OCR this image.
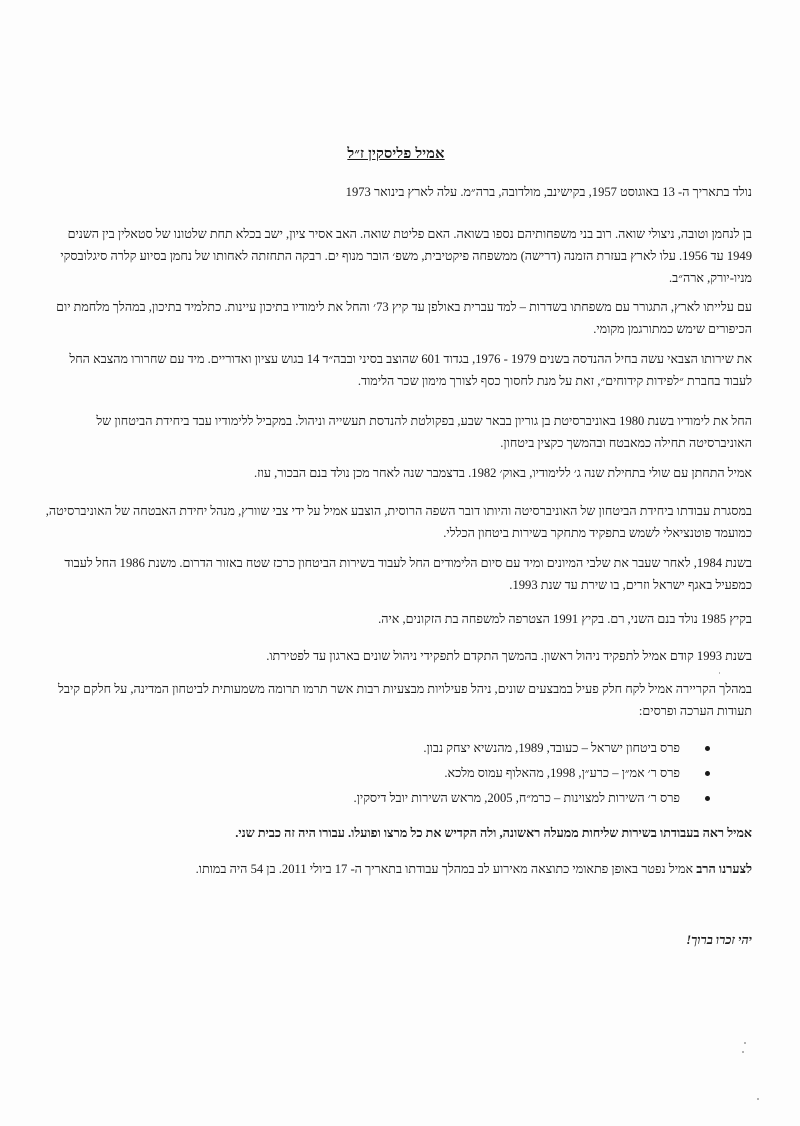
אמיל פליסקין ז״ל

נולד בתאריך ה- 13 באוגוסט 1957, בקישינב, מולדובה, ברה״מ. עלה לארץ בינואר 1973

בן לנחמן וטובה, ניצולי שואה. רוב בני משפחותיהם נספו בשואה. האם פליטת שואה. האב אסיר ציון, ישב בכלא תחת שלטונו של סטאלין בין השנים 1949 עד 1956. עלו לארץ בעזרת הזמנה (דרישה) ממשפחה פיקטיבית, משפ׳ הובר מנוף ים. רבקה התחזתה לאחותו של נחמן בסיוע קלרה סיגלובסקי מניו-יורק, ארה״ב.

עם עלייתו לארץ, התגורר עם משפחתו בשדרות – למד עברית באולפן עד קיץ 73׳ והחל את לימודיו בתיכון עיינות. כתלמיד בתיכון, במהלך מלחמת יום הכיפורים שימש כמתורגמן מקומי.

את שירותו הצבאי עשה בחיל ההנדסה בשנים 1979 - 1976, בגדוד 601 שהוצב בסיני ובבה״ד 14 בגוש עציון ואדוריים. מיד עם שחרורו מהצבא החל לעבוד בחברת ״לפידות קידוחים״, זאת על מנת לחסוך כסף לצורך מימון שכר הלימוד.

החל את לימודיו בשנת 1980 באוניברסיטת בן גוריון בבאר שבע, בפקולטת להנדסת תעשייה וניהול. במקביל ללימודיו עבד ביחידת הביטחון של האוניברסיטה תחילה כמאבטח ובהמשך כקצין ביטחון.

אמיל התחתן עם שולי בתחילת שנה ג׳ ללימודיו, באוק׳ 1982. בדצמבר שנה לאחר מכן נולד בנם הבכור, עוז.

במסגרת עבודתו ביחידת הביטחון של האוניברסיטה והיותו דובר השפה הרוסית, הוצבע אמיל על ידי צבי שוורץ, מנהל יחידת האבטחה של האוניברסיטה, כמועמד פוטנציאלי לשמש בתפקיד מתחקר בשירות ביטחון הכללי.

בשנת 1984, לאחר שעבר את שלבי המיונים ומיד עם סיום הלימודים החל לעבוד בשירות הביטחון כרכז שטח באזור הדרום. משנת 1986 החל לעבוד כמפעיל באגף ישראל וזרים, בו שירת עד שנת 1993.

בקיץ 1985 נולד בנם השני, רם. בקיץ 1991 הצטרפה למשפחה בת הזקונים, איה.

בשנת 1993 קודם אמיל לתפקיד ניהול ראשון. בהמשך התקדם לתפקידי ניהול שונים בארגון עד לפטירתו.

במהלך הקריירה אמיל לקח חלק פעיל במבצעים שונים, ניהל פעילויות מבצעיות רבות אשר תרמו תרומה משמעותית לביטחון המדינה, על חלקם קיבל תעודות הערכה ופרסים:

פרס ביטחון ישראל – כעובד, 1989, מהנשיא יצחק נבון.
פרס ר׳ אמ״ן – כרע״ן, 1998, מהאלוף עמוס מלכא.
פרס ר׳ השירות למצוינות – כרמ״ח, 2005, מראש השירות יובל דיסקין.

אמיל ראה בעבודתו בשירות שליחות ממעלה ראשונה, ולה הקדיש את כל מרצו ופועלו. עבורו היה זה כבית שני.

לצערנו הרב אמיל נפטר באופן פתאומי כתוצאה מאירוע לב במהלך עבודתו בתאריך ה- 17 ביולי 2011. בן 54 היה במותו.

יהי זכרו ברוך!
